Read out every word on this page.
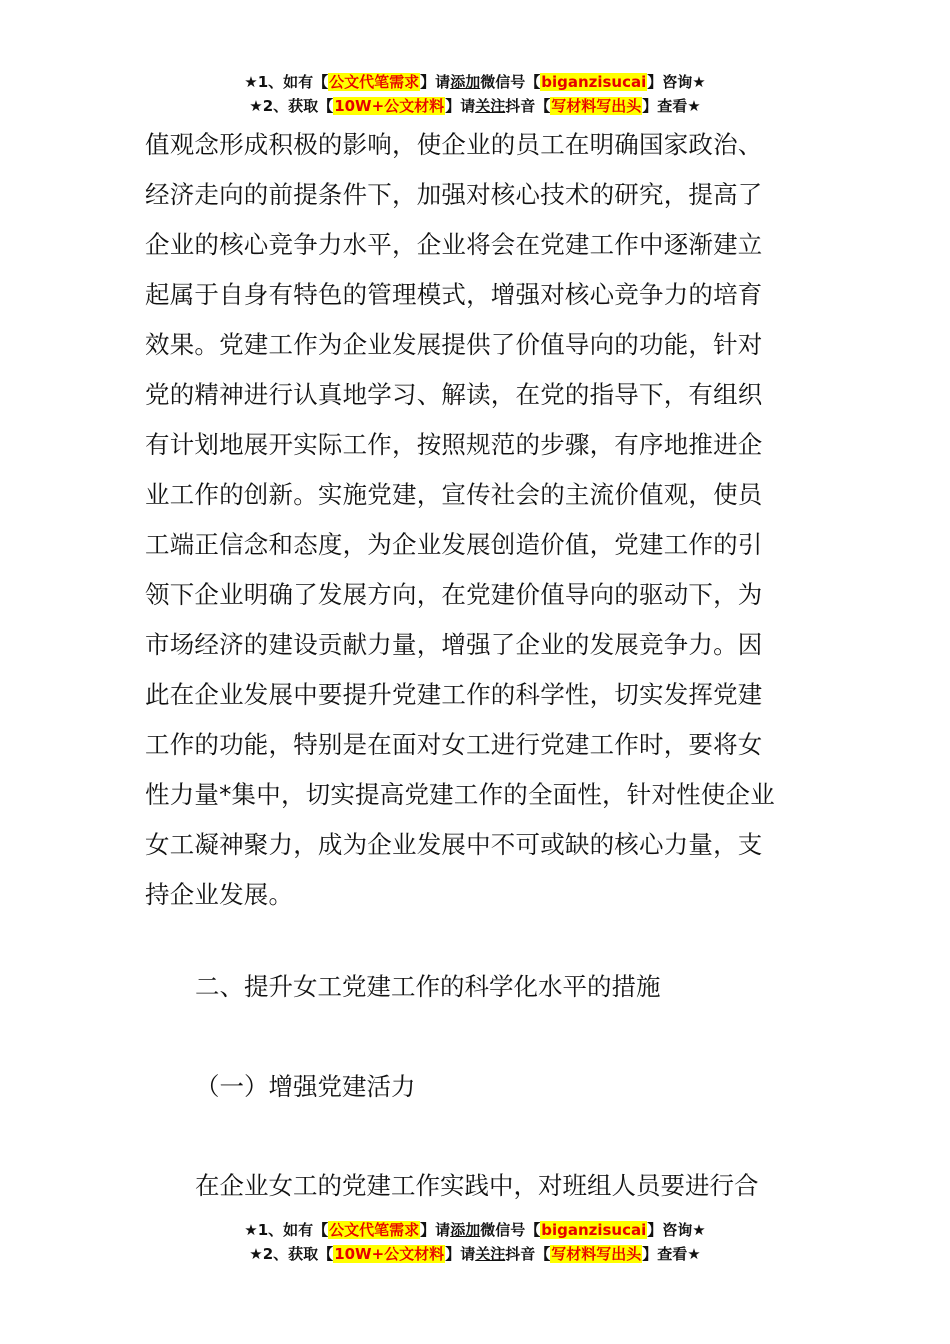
★1、如有【公文代笔需求】请添加微信号【biganzisucai】咨询★
★2、获取【10W+公文材料】请关注抖音【写材料写出头】查看★
值观念形成积极的影响，使企业的员工在明确国家政治、
经济走向的前提条件下，加强对核心技术的研究，提高了
企业的核心竞争力水平，企业将会在党建工作中逐渐建立
起属于自身有特色的管理模式，增强对核心竞争力的培育
效果。党建工作为企业发展提供了价值导向的功能，针对
党的精神进行认真地学习、解读，在党的指导下，有组织
有计划地展开实际工作，按照规范的步骤，有序地推进企
业工作的创新。实施党建，宣传社会的主流价值观，使员
工端正信念和态度，为企业发展创造价值，党建工作的引
领下企业明确了发展方向，在党建价值导向的驱动下，为
市场经济的建设贡献力量，增强了企业的发展竞争力。因
此在企业发展中要提升党建工作的科学性，切实发挥党建
工作的功能，特别是在面对女工进行党建工作时，要将女
性力量*集中，切实提高党建工作的全面性，针对性使企业
女工凝神聚力，成为企业发展中不可或缺的核心力量，支
持企业发展。
二、提升女工党建工作的科学化水平的措施
（一）增强党建活力
在企业女工的党建工作实践中，对班组人员要进行合
★1、如有【公文代笔需求】请添加微信号【biganzisucai】咨询★
★2、获取【10W+公文材料】请关注抖音【写材料写出头】查看★
